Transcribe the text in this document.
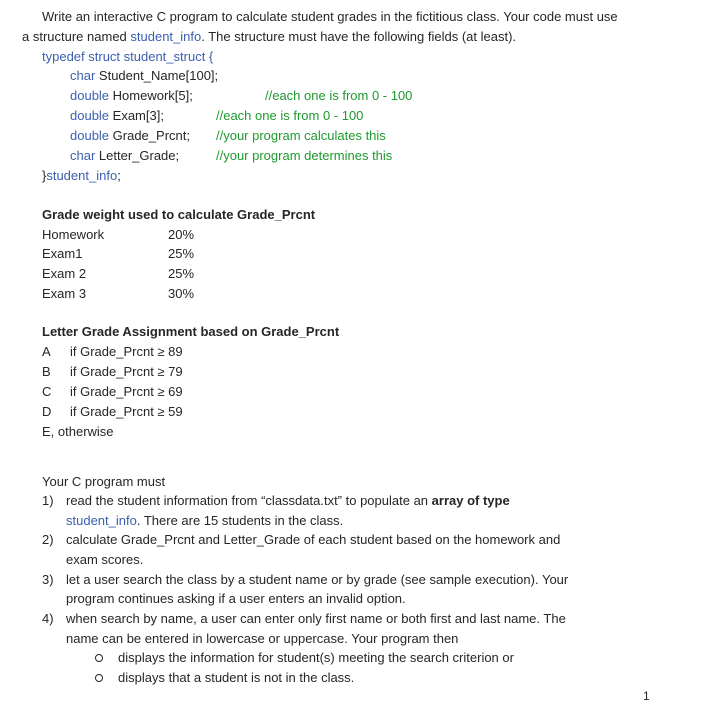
Write an interactive C program to calculate student grades in the fictitious class. Your code must use
a structure named student_info. The structure must have the following fields (at least).
typedef struct student_struct {
char Student_Name[100];
double Homework[5];	//each one is from 0 - 100
double Exam[3];	//each one is from 0 - 100
double Grade_Prcnt; //your program calculates this
char Letter_Grade;	//your program determines this
}student_info;
Grade weight used to calculate Grade_Prcnt
Homework	20%
Exam1	25%
Exam 2	25%
Exam 3	30%
Letter Grade Assignment based on Grade_Prcnt
A if Grade_Prcnt ≥ 89
B if Grade_Prcnt ≥ 79
C if Grade_Prcnt ≥ 69
D if Grade_Prcnt ≥ 59
E, otherwise
Your C program must
1) read the student information from “classdata.txt” to populate an array of type
student_info. There are 15 students in the class.
2) calculate Grade_Prcnt and Letter_Grade of each student based on the homework and
exam scores.
3) let a user search the class by a student name or by grade (see sample execution). Your
program continues asking if a user enters an invalid option.
4) when search by name, a user can enter only first name or both first and last name. The
name can be entered in lowercase or uppercase. Your program then
displays the information for student(s) meeting the search criterion or
displays that a student is not in the class.
1
